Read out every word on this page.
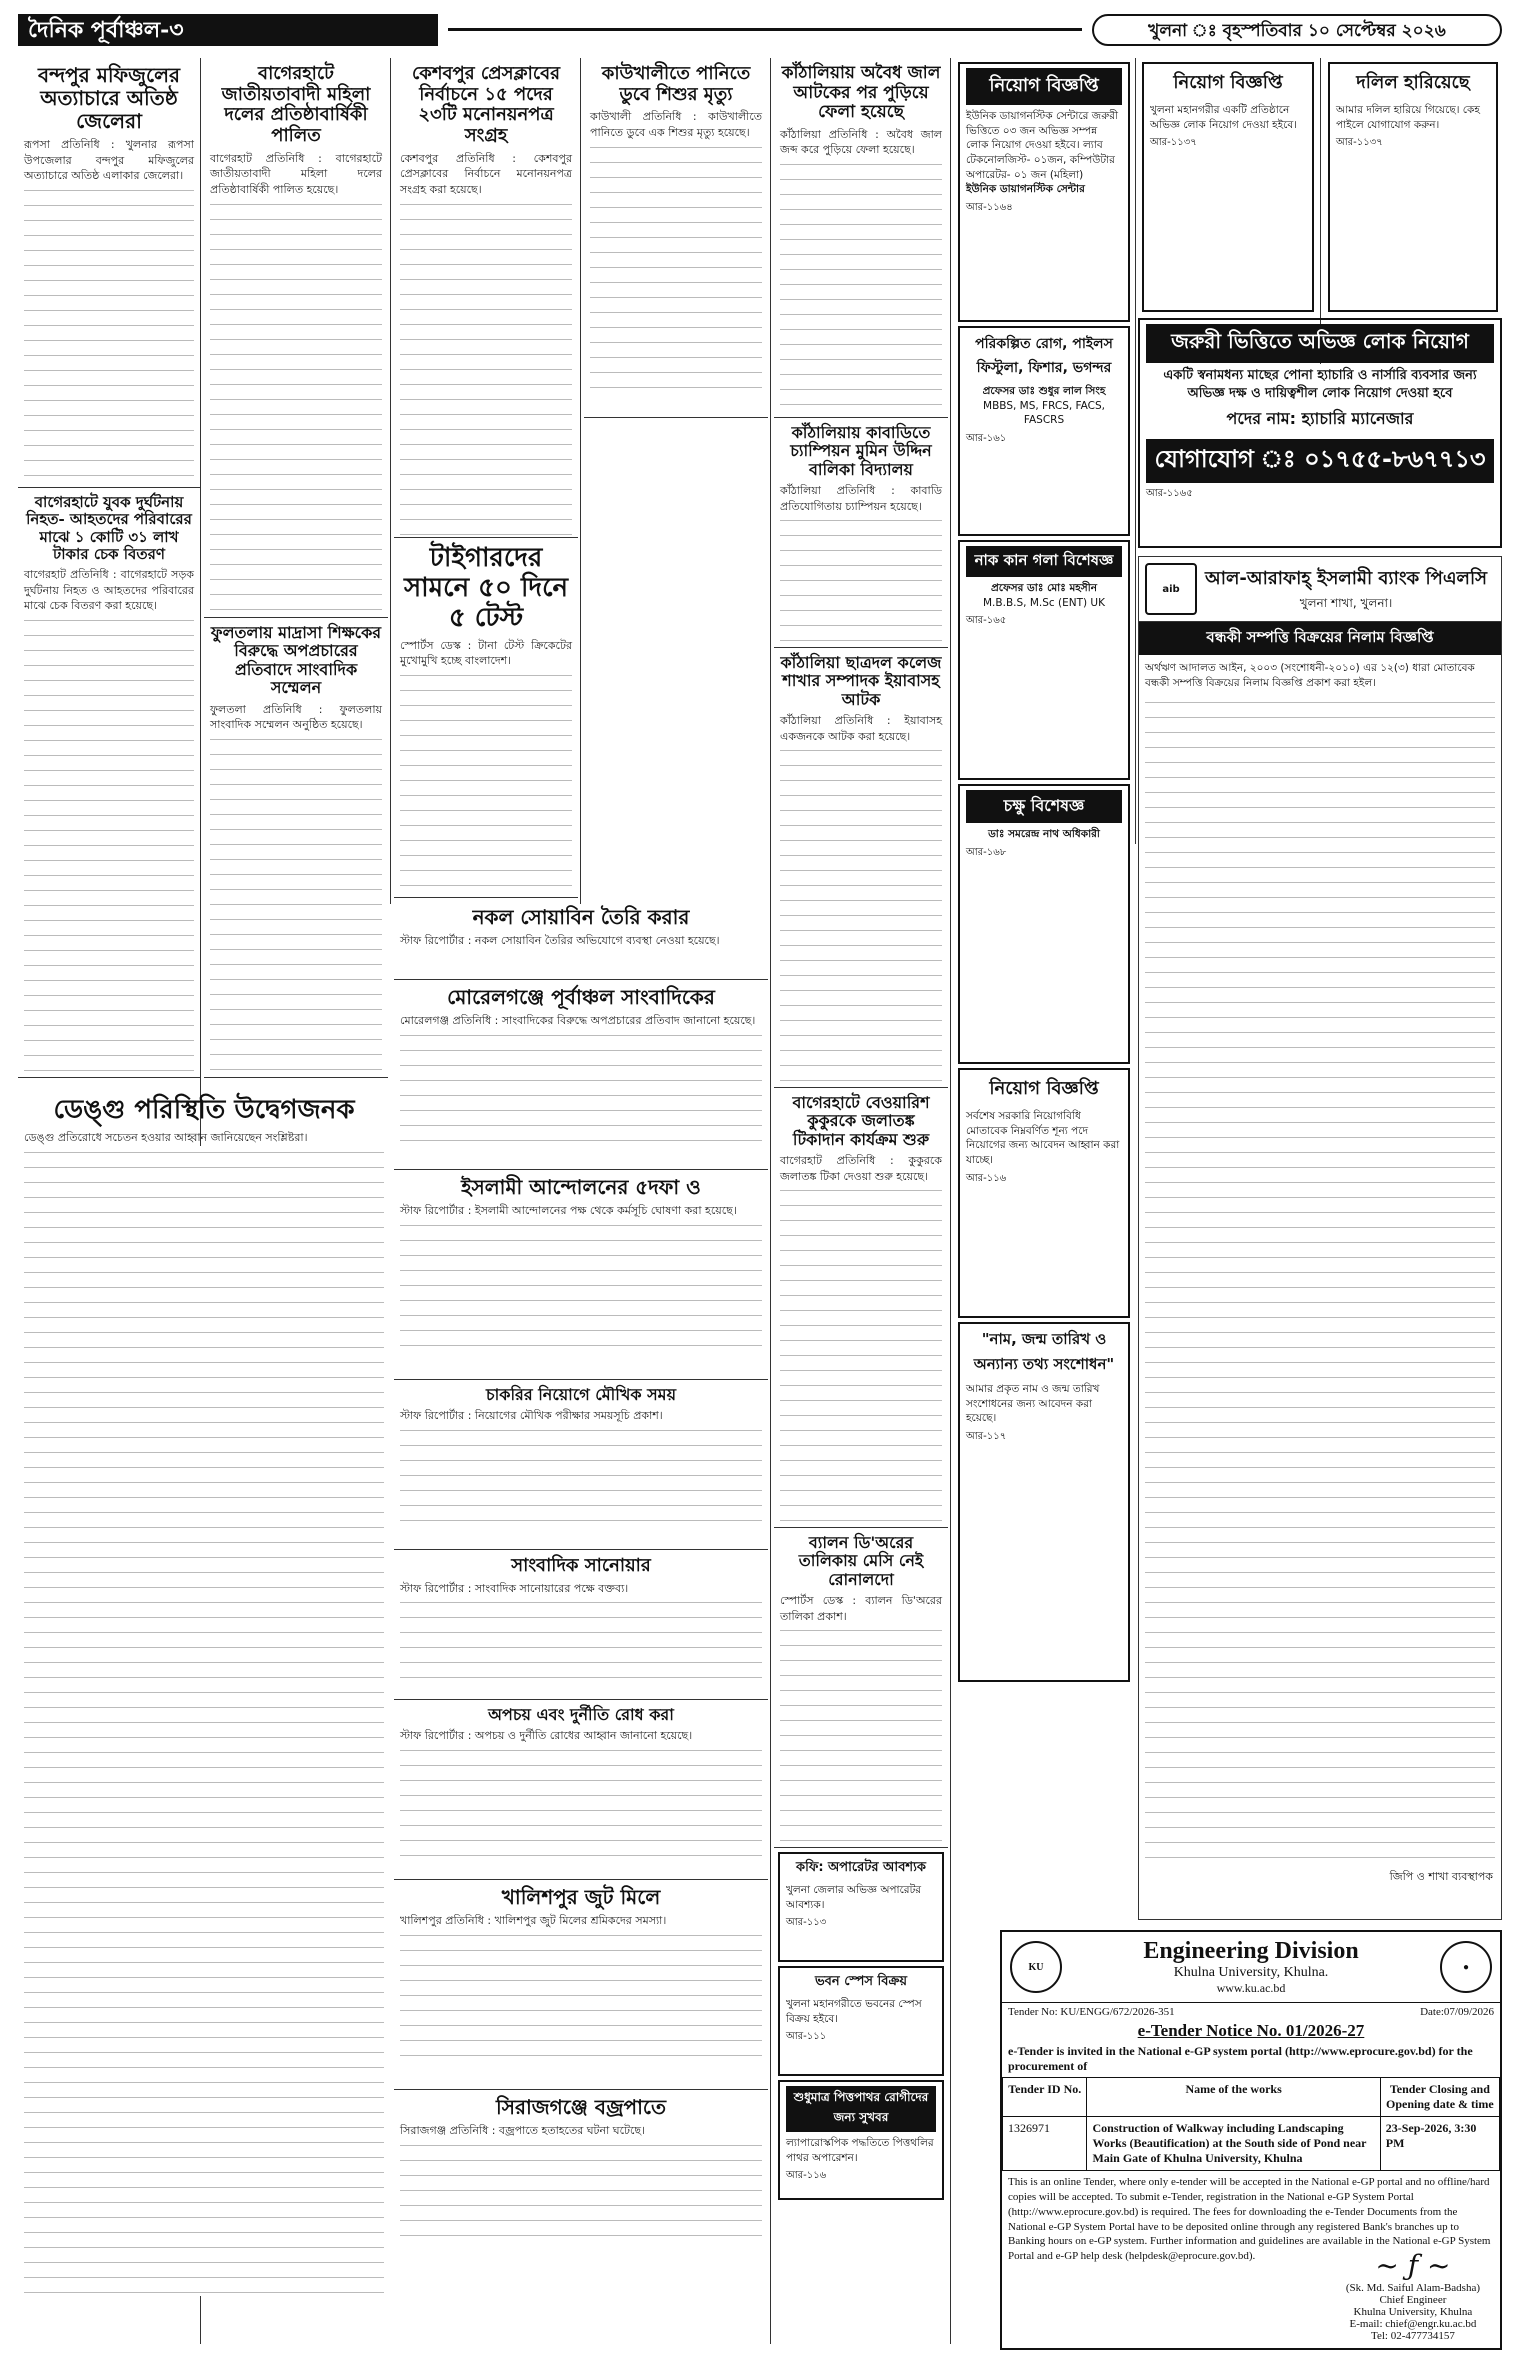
দৈনিক পূর্বাঞ্চল-৩	খুলনা ঃ বৃহস্পতিবার ১০ সেপ্টেম্বর ২০২৬
বন্দপুর মফিজুলের অত্যাচারে অতিষ্ঠ জেলেরা
রূপসা প্রতিনিধি : খুলনার রূপসা উপজেলার বন্দপুর মফিজুলের অত্যাচারে অতিষ্ঠ এলাকার জেলেরা।
বাগেরহাটে যুবক দুর্ঘটনায় নিহত- আহতদের পরিবারের মাঝে ১ কোটি ৩১ লাখ টাকার চেক বিতরণ
বাগেরহাট প্রতিনিধি : বাগেরহাটে সড়ক দুর্ঘটনায় নিহত ও আহতদের পরিবারের মাঝে চেক বিতরণ করা হয়েছে।
বাগেরহাটে জাতীয়তাবাদী মহিলা দলের প্রতিষ্ঠাবার্ষিকী পালিত
বাগেরহাট প্রতিনিধি : বাগেরহাটে জাতীয়তাবাদী মহিলা দলের প্রতিষ্ঠাবার্ষিকী পালিত হয়েছে।
ফুলতলায় মাদ্রাসা শিক্ষকের বিরুদ্ধে অপপ্রচারের প্রতিবাদে সাংবাদিক সম্মেলন
ফুলতলা প্রতিনিধি : ফুলতলায় সাংবাদিক সম্মেলন অনুষ্ঠিত হয়েছে।
কেশবপুর প্রেসক্লাবের নির্বাচনে ১৫ পদের ২৩টি মনোনয়নপত্র সংগ্রহ
কেশবপুর প্রতিনিধি : কেশবপুর প্রেসক্লাবের নির্বাচনে মনোনয়নপত্র সংগ্রহ করা হয়েছে।
টাইগারদের সামনে ৫০ দিনে ৫ টেস্ট
স্পোর্টস ডেস্ক : টানা টেস্ট ক্রিকেটের মুখোমুখি হচ্ছে বাংলাদেশ।
কাউখালীতে পানিতে ডুবে শিশুর মৃত্যু
কাউখালী প্রতিনিধি : কাউখালীতে পানিতে ডুবে এক শিশুর মৃত্যু হয়েছে।
কাঁঠালিয়ায় অবৈধ জাল আটকের পর পুড়িয়ে ফেলা হয়েছে
কাঁঠালিয়া প্রতিনিধি : অবৈধ জাল জব্দ করে পুড়িয়ে ফেলা হয়েছে।
কাঁঠালিয়ায় কাবাডিতে চ্যাম্পিয়ন মুমিন উদ্দিন বালিকা বিদ্যালয়
কাঁঠালিয়া প্রতিনিধি : কাবাডি প্রতিযোগিতায় চ্যাম্পিয়ন হয়েছে।
কাঁঠালিয়া ছাত্রদল কলেজ শাখার সম্পাদক ইয়াবাসহ আটক
কাঁঠালিয়া প্রতিনিধি : ইয়াবাসহ একজনকে আটক করা হয়েছে।
বাগেরহাটে বেওয়ারিশ কুকুরকে জলাতঙ্ক টিকাদান কার্যক্রম শুরু
বাগেরহাট প্রতিনিধি : কুকুরকে জলাতঙ্ক টিকা দেওয়া শুরু হয়েছে।
ব্যালন ডি'অরের তালিকায় মেসি নেই রোনালদো
স্পোর্টস ডেস্ক : ব্যালন ডি'অরের তালিকা প্রকাশ।
কফি: অপারেটর আবশ্যক
খুলনা জেলার অভিজ্ঞ অপারেটর আবশ্যক।
আর-১১৩
ভবন স্পেস বিক্রয়
খুলনা মহানগরীতে ভবনের স্পেস বিক্রয় হইবে।
আর-১১১
শুধুমাত্র পিত্তপাথর রোগীদের জন্য সুখবর
ল্যাপারোস্কপিক পদ্ধতিতে পিত্তথলির পাথর অপারেশন।
আর-১১৬
নকল সোয়াবিন তৈরি করার
স্টাফ রিপোর্টার : নকল সোয়াবিন তৈরির অভিযোগে ব্যবস্থা নেওয়া হয়েছে।
মোরেলগঞ্জে পূর্বাঞ্চল সাংবাদিকের
মোরেলগঞ্জ প্রতিনিধি : সাংবাদিকের বিরুদ্ধে অপপ্রচারের প্রতিবাদ জানানো হয়েছে।
ইসলামী আন্দোলনের ৫দফা ও
স্টাফ রিপোর্টার : ইসলামী আন্দোলনের পক্ষ থেকে কর্মসূচি ঘোষণা করা হয়েছে।
চাকরির নিয়োগে মৌখিক সময়
স্টাফ রিপোর্টার : নিয়োগের মৌখিক পরীক্ষার সময়সূচি প্রকাশ।
সাংবাদিক সানোয়ার
স্টাফ রিপোর্টার : সাংবাদিক সানোয়ারের পক্ষে বক্তব্য।
অপচয় এবং দুর্নীতি রোধ করা
স্টাফ রিপোর্টার : অপচয় ও দুর্নীতি রোধের আহ্বান জানানো হয়েছে।
খালিশপুর জুট মিলে
খালিশপুর প্রতিনিধি : খালিশপুর জুট মিলের শ্রমিকদের সমস্যা।
সিরাজগঞ্জে বজ্রপাতে
সিরাজগঞ্জ প্রতিনিধি : বজ্রপাতে হতাহতের ঘটনা ঘটেছে।
ডেঙ্গু পরিস্থিতি উদ্বেগজনক
ডেঙ্গু প্রতিরোধে সচেতন হওয়ার আহ্বান জানিয়েছেন সংশ্লিষ্টরা।
নিয়োগ বিজ্ঞপ্তি
ইউনিক ডায়াগনস্টিক সেন্টারে জরুরী ভিত্তিতে ০৩ জন অভিজ্ঞ সম্পন্ন লোক নিয়োগ দেওয়া হইবে। ল্যাব টেকনোলজিস্ট- ০১জন, কম্পিউটার অপারেটর- ০১ জন (মহিলা)
ইউনিক ডায়াগনস্টিক সেন্টার
আর-১১৬৪
পরিকল্পিত রোগ, পাইলস ফিস্টুলা, ফিশার, ভগন্দর
প্রফেসর ডাঃ শুধুর লাল সিংহ
MBBS, MS, FRCS, FACS, FASCRS
আর-১৬১
নাক কান গলা বিশেষজ্ঞ
প্রফেসর ডাঃ মোঃ মহসীন
M.B.B.S, M.Sc (ENT) UK
আর-১৬৫
চক্ষু বিশেষজ্ঞ
ডাঃ সমরেন্দ্র নাথ অধিকারী
আর-১৬৮
নিয়োগ বিজ্ঞপ্তি
সর্বশেষ সরকারি নিয়োগবিধি মোতাবেক নিম্নবর্ণিত শূন্য পদে নিয়োগের জন্য আবেদন আহ্বান করা যাচ্ছে।
আর-১১৬
"নাম, জন্ম তারিখ ও অন্যান্য তথ্য সংশোধন"
আমার প্রকৃত নাম ও জন্ম তারিখ সংশোধনের জন্য আবেদন করা হয়েছে।
আর-১১৭
নিয়োগ বিজ্ঞপ্তি
খুলনা মহানগরীর একটি প্রতিষ্ঠানে অভিজ্ঞ লোক নিয়োগ দেওয়া হইবে।
আর-১১৩৭
দলিল হারিয়েছে
আমার দলিল হারিয়ে গিয়েছে। কেহ পাইলে যোগাযোগ করুন।
আর-১১৩৭
জরুরী ভিত্তিতে অভিজ্ঞ লোক নিয়োগ
একটি স্বনামধন্য মাছের পোনা হ্যাচারি ও নার্সারি ব্যবসার জন্য অভিজ্ঞ দক্ষ ও দায়িত্বশীল লোক নিয়োগ দেওয়া হবে
পদের নাম: হ্যাচারি ম্যানেজার
যোগাযোগ ঃ ০১৭৫৫-৮৬৭৭১৩
আর-১১৬৫
aib
আল-আরাফাহ্ ইসলামী ব্যাংক পিএলসি
খুলনা শাখা, খুলনা।
বন্ধকী সম্পত্তি বিক্রয়ের নিলাম বিজ্ঞপ্তি
অর্থঋণ আদালত আইন, ২০০৩ (সংশোধনী-২০১০) এর ১২(৩) ধারা মোতাবেক বন্ধকী সম্পত্তি বিক্রয়ের নিলাম বিজ্ঞপ্তি প্রকাশ করা হইল।
জিপি ও শাখা ব্যবস্থাপক
KU
Engineering Division
Khulna University, Khulna.
www.ku.ac.bd
●
Tender No: KU/ENGG/672/2026-351	Date:07/09/2026
e-Tender Notice No. 01/2026-27
e-Tender is invited in the National e-GP system portal (http://www.eprocure.gov.bd) for the procurement of
Tender ID No.	Name of the works	Tender Closing and Opening date & time
1326971	Construction of Walkway including Landscaping Works (Beautification) at the South side of Pond near Main Gate of Khulna University, Khulna	23-Sep-2026, 3:30 PM
This is an online Tender, where only e-tender will be accepted in the National e-GP portal and no offline/hard copies will be accepted. To submit e-Tender, registration in the National e-GP System Portal (http://www.eprocure.gov.bd) is required. The fees for downloading the e-Tender Documents from the National e-GP System Portal have to be deposited online through any registered Bank's branches up to Banking hours on e-GP system. Further information and guidelines are available in the National e-GP System Portal and e-GP help desk (helpdesk@eprocure.gov.bd).	~ ƒ ~
(Sk. Md. Saiful Alam-Badsha)
Chief Engineer
Khulna University, Khulna
E-mail: chief@engr.ku.ac.bd
Tel: 02-477734157
